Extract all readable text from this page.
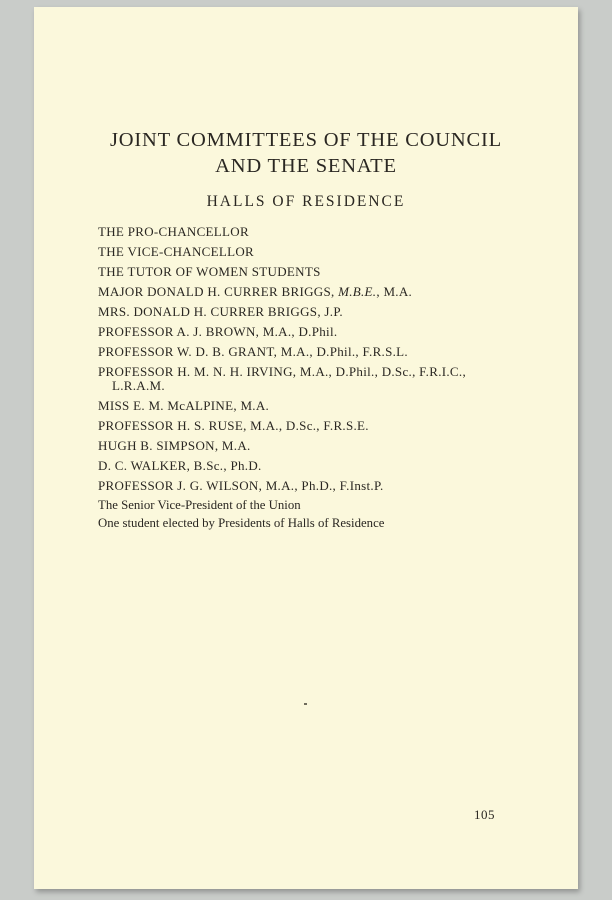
JOINT COMMITTEES OF THE COUNCIL
AND THE SENATE
HALLS OF RESIDENCE
THE PRO-CHANCELLOR
THE VICE-CHANCELLOR
THE TUTOR OF WOMEN STUDENTS
MAJOR DONALD H. CURRER BRIGGS, M.B.E., M.A.
MRS. DONALD H. CURRER BRIGGS, J.P.
PROFESSOR A. J. BROWN, M.A., D.Phil.
PROFESSOR W. D. B. GRANT, M.A., D.Phil., F.R.S.L.
PROFESSOR H. M. N. H. IRVING, M.A., D.Phil., D.Sc., F.R.I.C.,
L.R.A.M.
MISS E. M. McALPINE, M.A.
PROFESSOR H. S. RUSE, M.A., D.Sc., F.R.S.E.
HUGH B. SIMPSON, M.A.
D. C. WALKER, B.Sc., Ph.D.
PROFESSOR J. G. WILSON, M.A., Ph.D., F.Inst.P.
The Senior Vice-President of the Union
One student elected by Presidents of Halls of Residence
105
